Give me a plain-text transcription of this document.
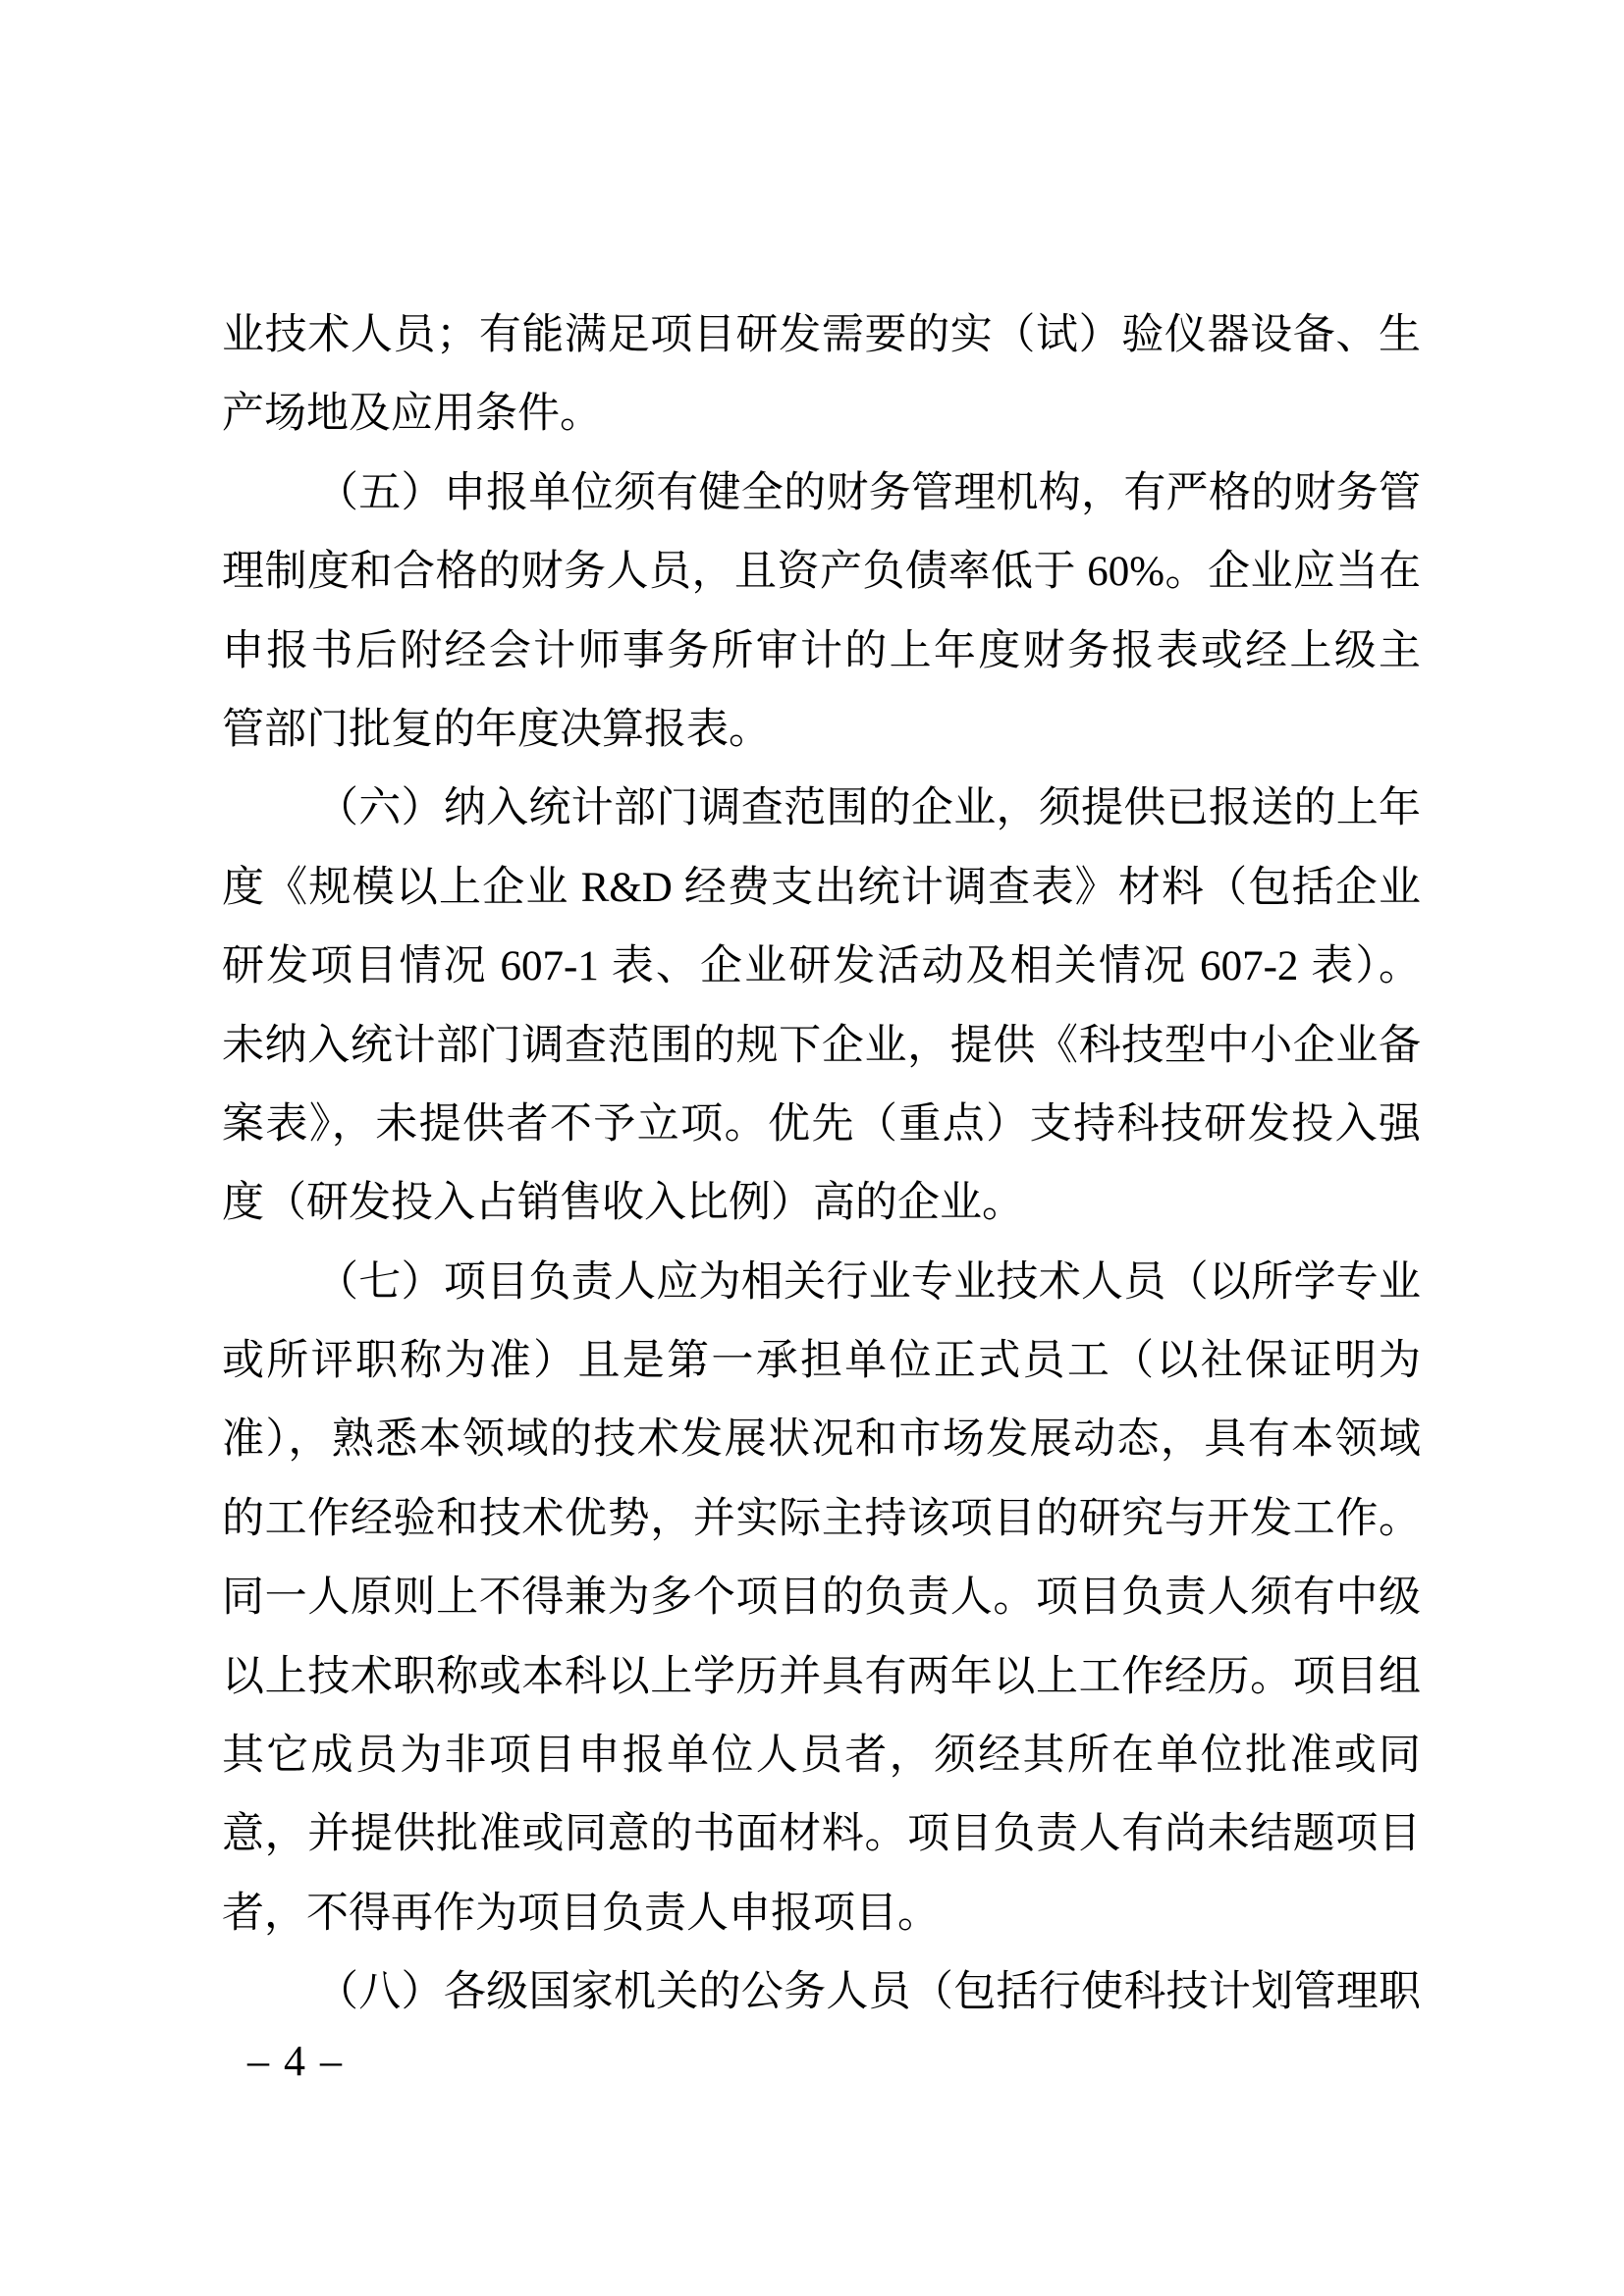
业技术人员；有能满足项目研发需要的实（试）验仪器设备、生
产场地及应用条件。
（五）申报单位须有健全的财务管理机构，有严格的财务管
理制度和合格的财务人员，且资产负债率低于 60%。企业应当在
申报书后附经会计师事务所审计的上年度财务报表或经上级主
管部门批复的年度决算报表。
（六）纳入统计部门调查范围的企业，须提供已报送的上年
度《规模以上企业 R&D 经费支出统计调查表》材料（包括企业
研发项目情况 607-1 表、企业研发活动及相关情况 607-2 表）。
未纳入统计部门调查范围的规下企业，提供《科技型中小企业备
案表》，未提供者不予立项。优先（重点）支持科技研发投入强
度（研发投入占销售收入比例）高的企业。
（七）项目负责人应为相关行业专业技术人员（以所学专业
或所评职称为准）且是第一承担单位正式员工（以社保证明为
准），熟悉本领域的技术发展状况和市场发展动态，具有本领域
的工作经验和技术优势，并实际主持该项目的研究与开发工作。
同一人原则上不得兼为多个项目的负责人。项目负责人须有中级
以上技术职称或本科以上学历并具有两年以上工作经历。项目组
其它成员为非项目申报单位人员者，须经其所在单位批准或同
意，并提供批准或同意的书面材料。项目负责人有尚未结题项目
者，不得再作为项目负责人申报项目。
（八）各级国家机关的公务人员（包括行使科技计划管理职
– 4 –
